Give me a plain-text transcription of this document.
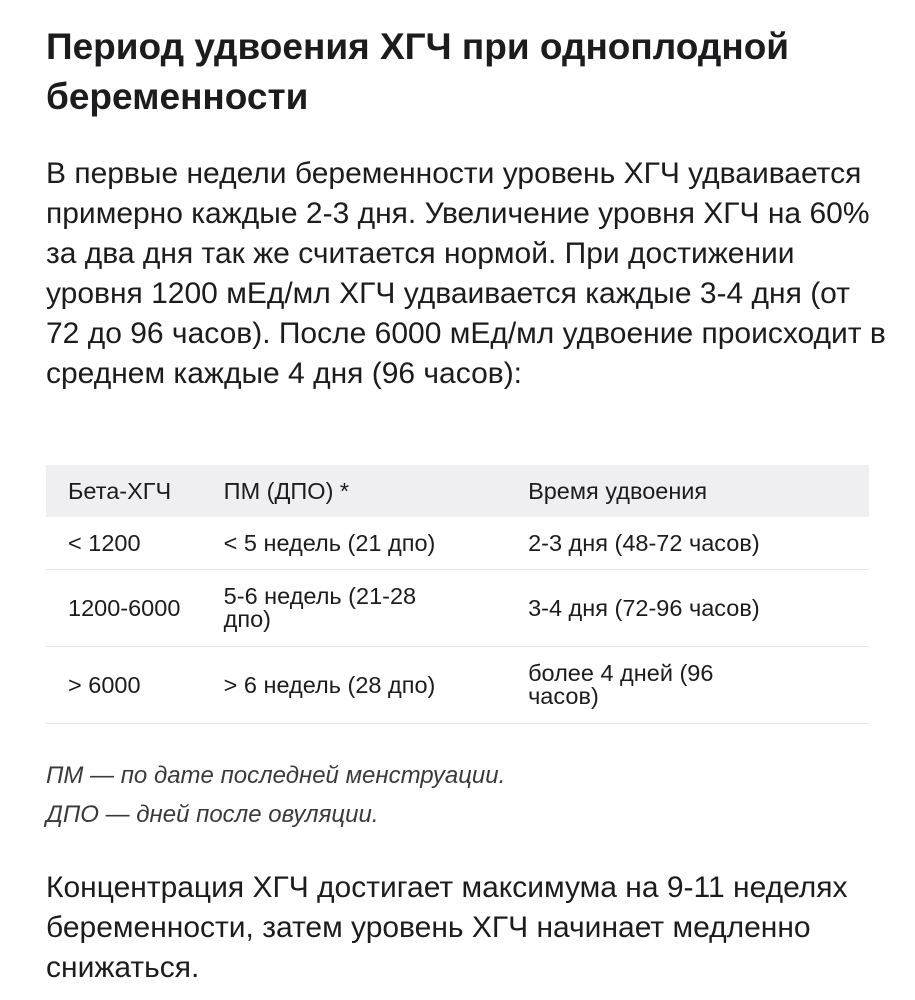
Период удвоения ХГЧ при одноплодной беременности

В первые недели беременности уровень ХГЧ удваивается примерно каждые 2-3 дня. Увеличение уровня ХГЧ на 60% за два дня так же считается нормой. При достижении уровня 1200 мЕд/мл ХГЧ удваивается каждые 3-4 дня (от 72 до 96 часов). После 6000 мЕд/мл удвоение происходит в среднем каждые 4 дня (96 часов):

Бета-ХГЧ	ПМ (ДПО) *	Время удвоения
< 1200	< 5 недель (21 дпо)	2-3 дня (48-72 часов)
1200-6000	5-6 недель (21-28 дпо)	3-4 дня (72-96 часов)
> 6000	> 6 недель (28 дпо)	более 4 дней (96 часов)

ПМ — по дате последней менструации.

ДПО — дней после овуляции.

Концентрация ХГЧ достигает максимума на 9-11 неделях беременности, затем уровень ХГЧ начинает медленно снижаться.
